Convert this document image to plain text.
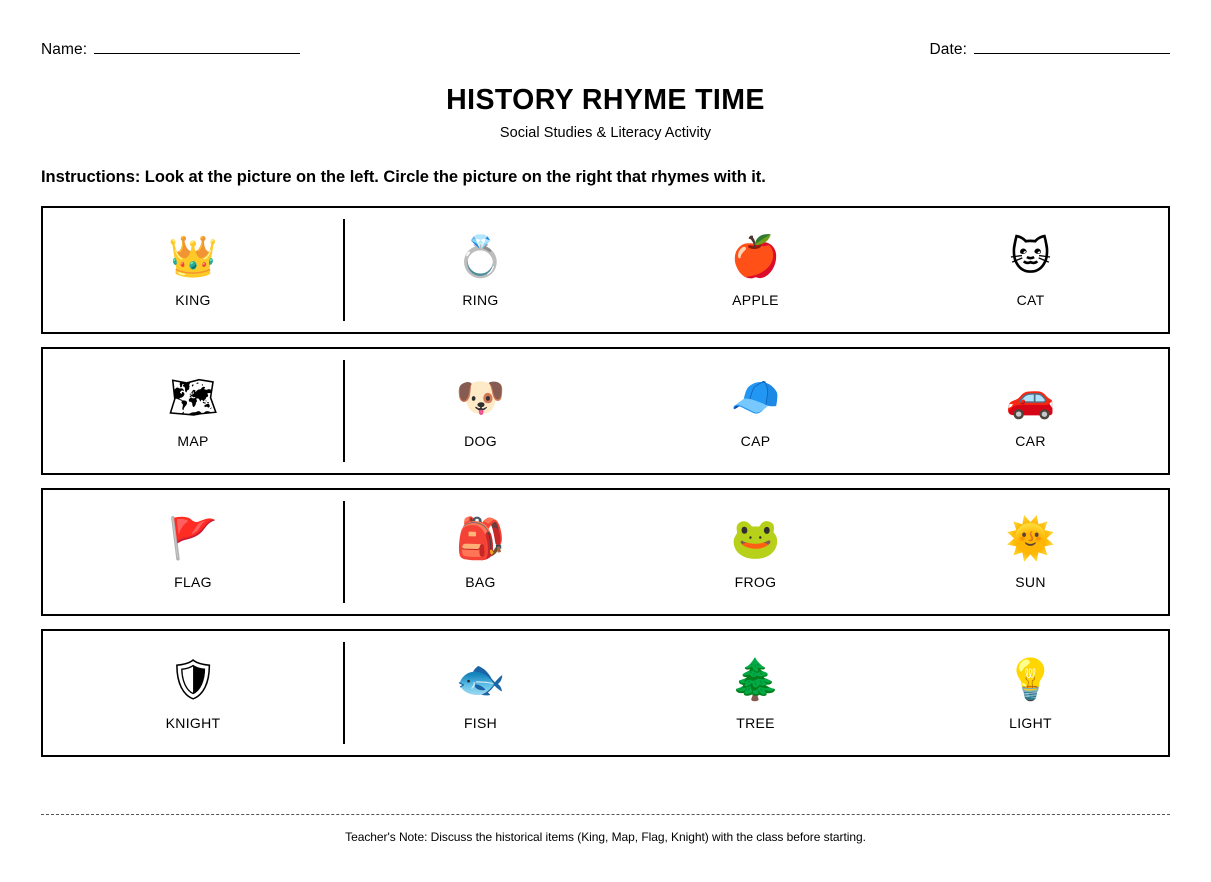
Name:	Date:
HISTORY RHYME TIME
Social Studies & Literacy Activity
Instructions: Look at the picture on the left. Circle the picture on the right that rhymes with it.
👑
KING
💍
RING
🍎
APPLE
🐱
CAT
🗺
MAP
🐶
DOG
🧢
CAP
🚗
CAR
🚩
FLAG
🎒
BAG
🐸
FROG
🌞
SUN
🛡
KNIGHT
🐟
FISH
🌲
TREE
💡
LIGHT
Teacher's Note: Discuss the historical items (King, Map, Flag, Knight) with the class before starting.
